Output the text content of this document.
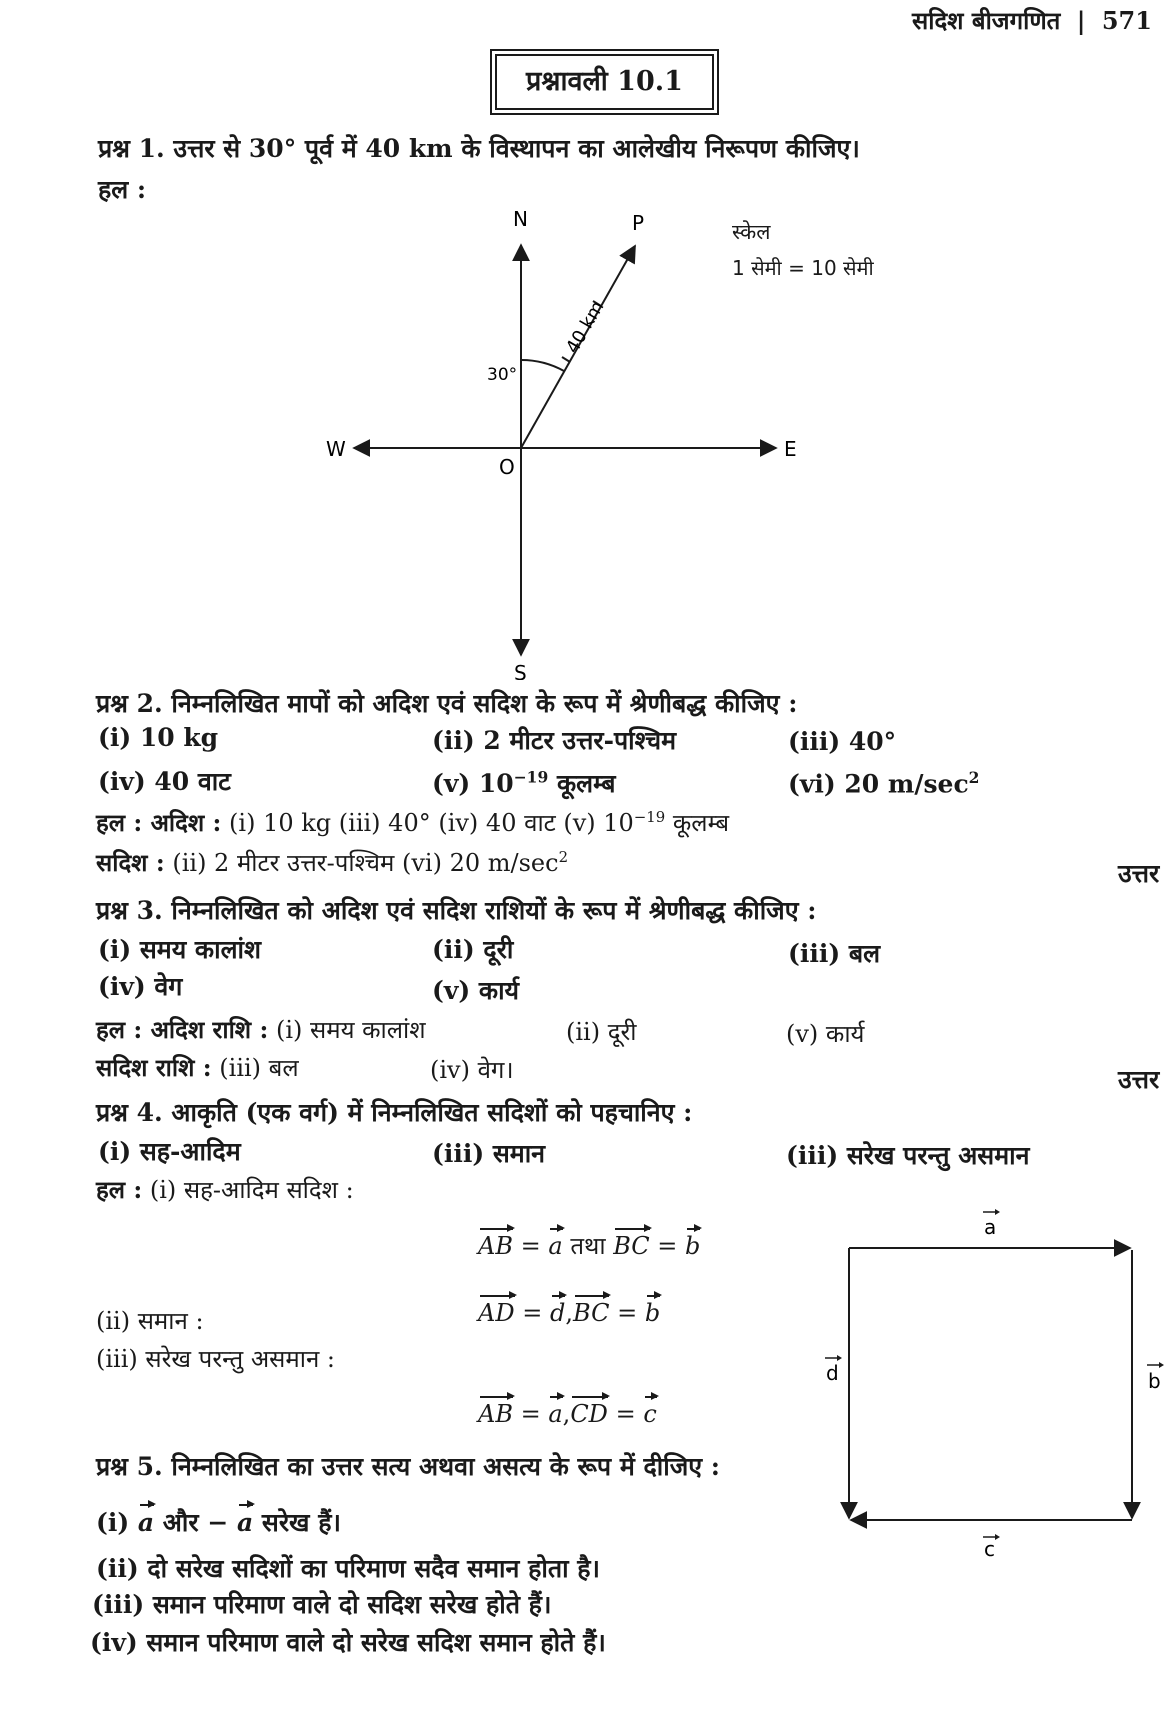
सदिश बीजगणित | 571
प्रश्नावली 10.1
प्रश्न 1. उत्तर से 30° पूर्व में 40 km के विस्थापन का आलेखीय निरूपण कीजिए।
हल :
N
S
E
W
O
P
30°
40 km
स्केल
1 सेमी = 10 सेमी
प्रश्न 2. निम्नलिखित मापों को अदिश एवं सदिश के रूप में श्रेणीबद्ध कीजिए :
(i) 10 kg	(ii) 2 मीटर उत्तर-पश्चिम	(iii) 40°
(iv) 40 वाट	(v) $10^{-19}$ कूलम्ब	(vi) 20 $m/\sec^2$
हल : अदिश : (i) 10 kg (iii) 40° (iv) 40 वाट (v) $10^{-19}$ कूलम्ब
सदिश : (ii) 2 मीटर उत्तर-पश्चिम (vi) 20 $m/\sec^2$
उत्तर
प्रश्न 3. निम्नलिखित को अदिश एवं सदिश राशियों के रूप में श्रेणीबद्ध कीजिए :
(i) समय कालांश	(ii) दूरी	(iii) बल
(iv) वेग	(v) कार्य
हल : अदिश राशि : (i) समय कालांश	(ii) दूरी	(v) कार्य
सदिश राशि : (iii) बल	(iv) वेग।	उत्तर
प्रश्न 4. आकृति (एक वर्ग) में निम्नलिखित सदिशों को पहचानिए :
(i) सह-आदिम	(iii) समान	(iii) सरेख परन्तु असमान
हल : (i) सह-आदिम सदिश :
AB = a तथा BC = b
(ii) समान :	AD = d,BC = b
(iii) सरेख परन्तु असमान :
AB = a,CD = c
a
b
c
d
प्रश्न 5. निम्नलिखित का उत्तर सत्य अथवा असत्य के रूप में दीजिए :
(i) a और − a सरेख हैं।
(ii) दो सरेख सदिशों का परिमाण सदैव समान होता है।
(iii) समान परिमाण वाले दो सदिश सरेख होते हैं।
(iv) समान परिमाण वाले दो सरेख सदिश समान होते हैं।
